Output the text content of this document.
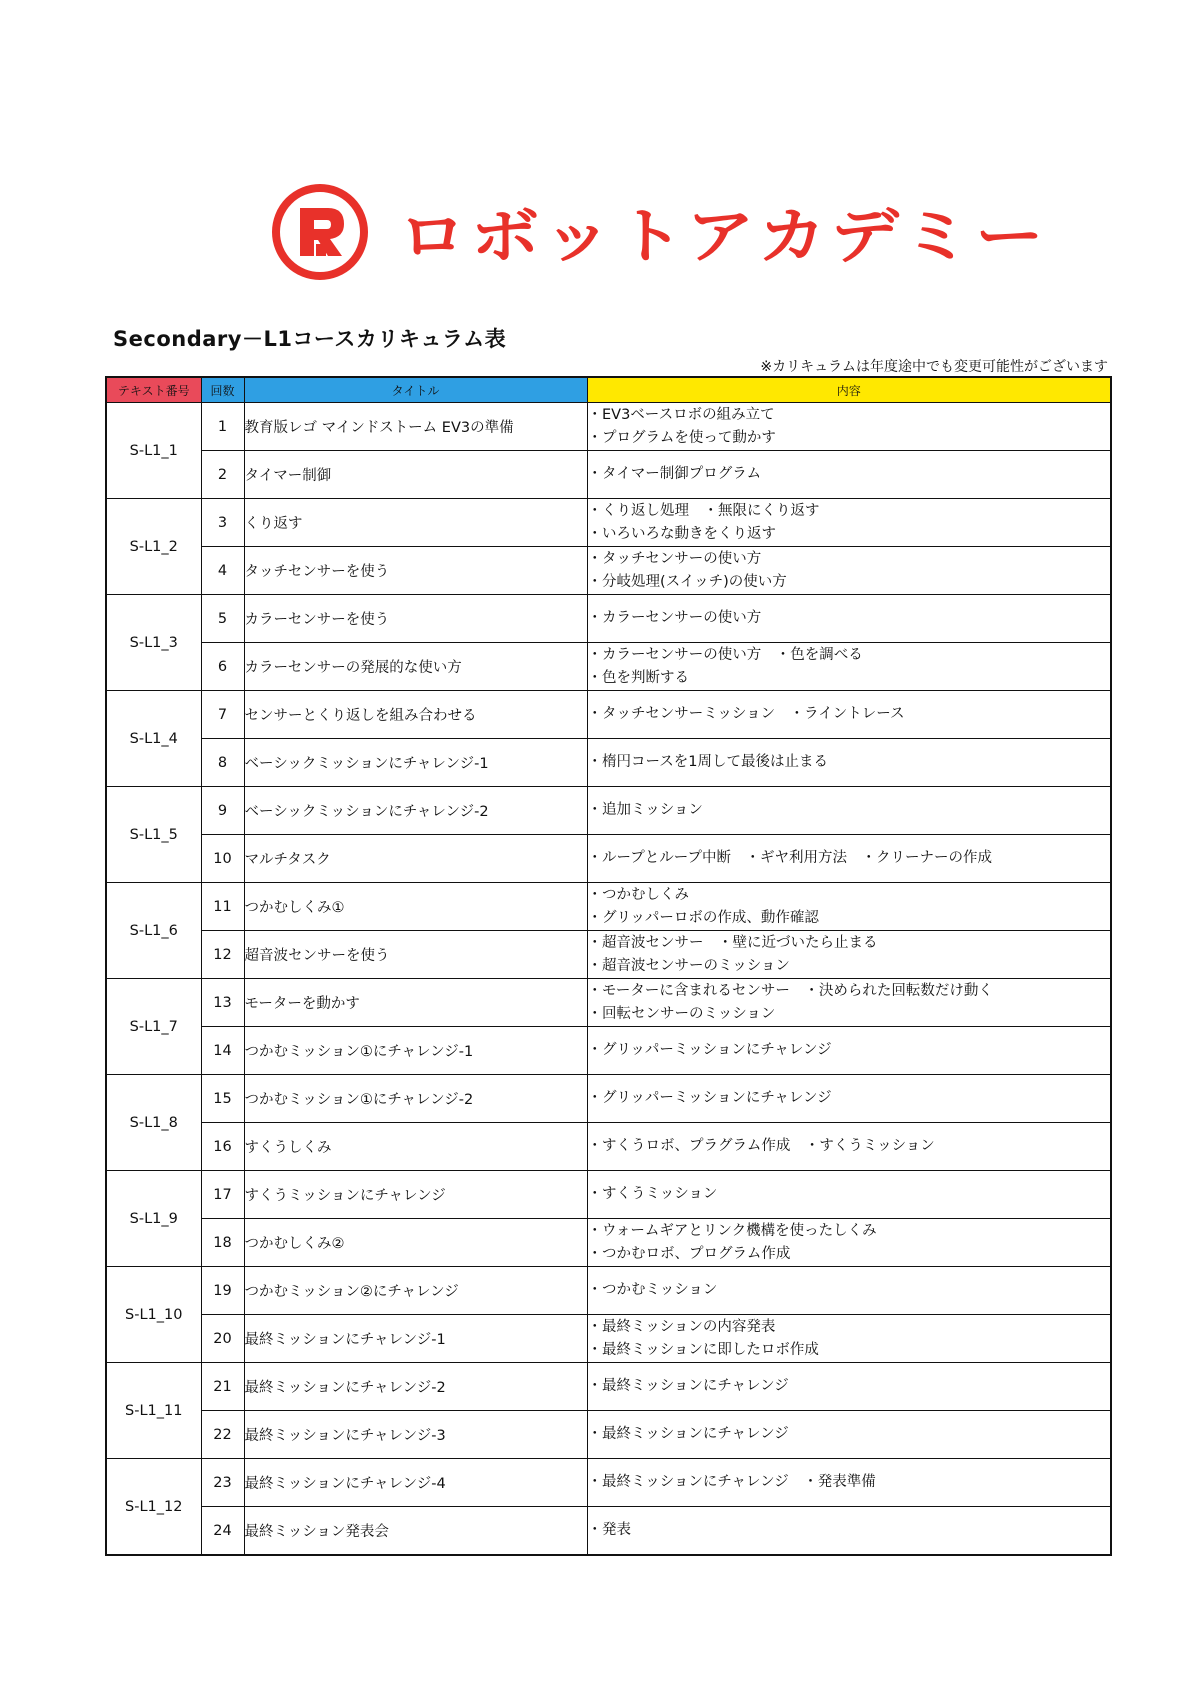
ロボットアカデミー
Secondary－L1コースカリキュラム表
※カリキュラムは年度途中でも変更可能性がございます
テキスト番号	回数	タイトル	内容
S-L1_1	1	教育版レゴ マインドストーム EV3の準備	・EV3ベースロボの組み立て
・プログラムを使って動かす

	2	タイマー制御	・タイマー制御プログラム

S-L1_2	3	くり返す	・くり返し処理　・無限にくり返す
・いろいろな動きをくり返す

	4	タッチセンサーを使う	・タッチセンサーの使い方
・分岐処理(スイッチ)の使い方

S-L1_3	5	カラーセンサーを使う	・カラーセンサーの使い方

	6	カラーセンサーの発展的な使い方	・カラーセンサーの使い方　・色を調べる
・色を判断する

S-L1_4	7	センサーとくり返しを組み合わせる	・タッチセンサーミッション　・ライントレース

	8	ベーシックミッションにチャレンジ-1	・楕円コースを1周して最後は止まる

S-L1_5	9	ベーシックミッションにチャレンジ-2	・追加ミッション

	10	マルチタスク	・ループとループ中断　・ギヤ利用方法　・クリーナーの作成

S-L1_6	11	つかむしくみ①	・つかむしくみ
・グリッパーロボの作成、動作確認

	12	超音波センサーを使う	・超音波センサー　・壁に近づいたら止まる
・超音波センサーのミッション

S-L1_7	13	モーターを動かす	・モーターに含まれるセンサー　・決められた回転数だけ動く
・回転センサーのミッション

	14	つかむミッション①にチャレンジ-1	・グリッパーミッションにチャレンジ

S-L1_8	15	つかむミッション①にチャレンジ-2	・グリッパーミッションにチャレンジ

	16	すくうしくみ	・すくうロボ、プラグラム作成　・すくうミッション

S-L1_9	17	すくうミッションにチャレンジ	・すくうミッション

	18	つかむしくみ②	・ウォームギアとリンク機構を使ったしくみ
・つかむロボ、プログラム作成

S-L1_10	19	つかむミッション②にチャレンジ	・つかむミッション

	20	最終ミッションにチャレンジ-1	・最終ミッションの内容発表
・最終ミッションに即したロボ作成

S-L1_11	21	最終ミッションにチャレンジ-2	・最終ミッションにチャレンジ

	22	最終ミッションにチャレンジ-3	・最終ミッションにチャレンジ

S-L1_12	23	最終ミッションにチャレンジ-4	・最終ミッションにチャレンジ　・発表準備

	24	最終ミッション発表会	・発表
